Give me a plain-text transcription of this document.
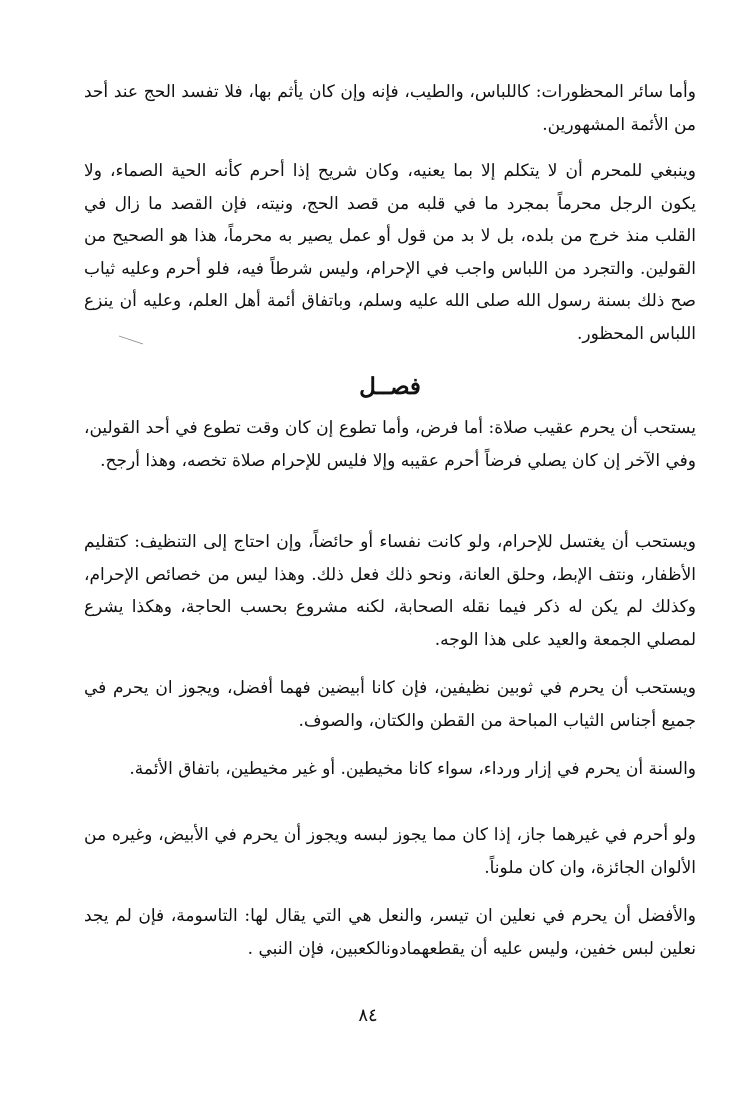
وأما سائر المحظورات: كاللباس، والطيب، فإنه وإن كان يأثم بها، فلا تفسد الحج عند أحد من الأئمة المشهورين.

وينبغي للمحرم أن لا يتكلم إلا بما يعنيه، وكان شريح إذا أحرم كأنه الحية الصماء، ولا يكون الرجل محرماً بمجرد ما في قلبه من قصد الحج، ونيته، فإن القصد ما زال في القلب منذ خرج من بلده، بل لا بد من قول أو عمل يصير به محرماً، هذا هو الصحيح من القولين. والتجرد من اللباس واجب في الإحرام، وليس شرطاً فيه، فلو أحرم وعليه ثياب صح ذلك بسنة رسول الله صلى الله عليه وسلم، وباتفاق أئمة أهل العلم، وعليه أن ينزع اللباس المحظور.

فصــل

يستحب أن يحرم عقيب صلاة: أما فرض، وأما تطوع إن كان وقت تطوع في أحد القولين، وفي الآخر إن كان يصلي فرضاً أحرم عقيبه وإلا فليس للإحرام صلاة تخصه، وهذا أرجح.

ويستحب أن يغتسل للإحرام، ولو كانت نفساء أو حائضاً، وإن احتاج إلى التنظيف: كتقليم الأظفار، ونتف الإبط، وحلق العانة، ونحو ذلك فعل ذلك. وهذا ليس من خصائص الإحرام، وكذلك لم يكن له ذكر فيما نقله الصحابة، لكنه مشروع بحسب الحاجة، وهكذا يشرع لمصلي الجمعة والعيد على هذا الوجه.

ويستحب أن يحرم في ثوبين نظيفين، فإن كانا أبيضين فهما أفضل، ويجوز ان يحرم في جميع أجناس الثياب المباحة من القطن والكتان، والصوف.

والسنة أن يحرم في إزار ورداء، سواء كانا مخيطين. أو غير مخيطين، باتفاق الأئمة.

ولو أحرم في غيرهما جاز، إذا كان مما يجوز لبسه ويجوز أن يحرم في الأبيض، وغيره من الألوان الجائزة، وان كان ملوناً.

والأفضل أن يحرم في نعلين ان تيسر، والنعل هي التي يقال لها: التاسومة، فإن لم يجد نعلين لبس خفين، وليس عليه أن يقطعهمادونالكعبين، فإن النبي .

٨٤
